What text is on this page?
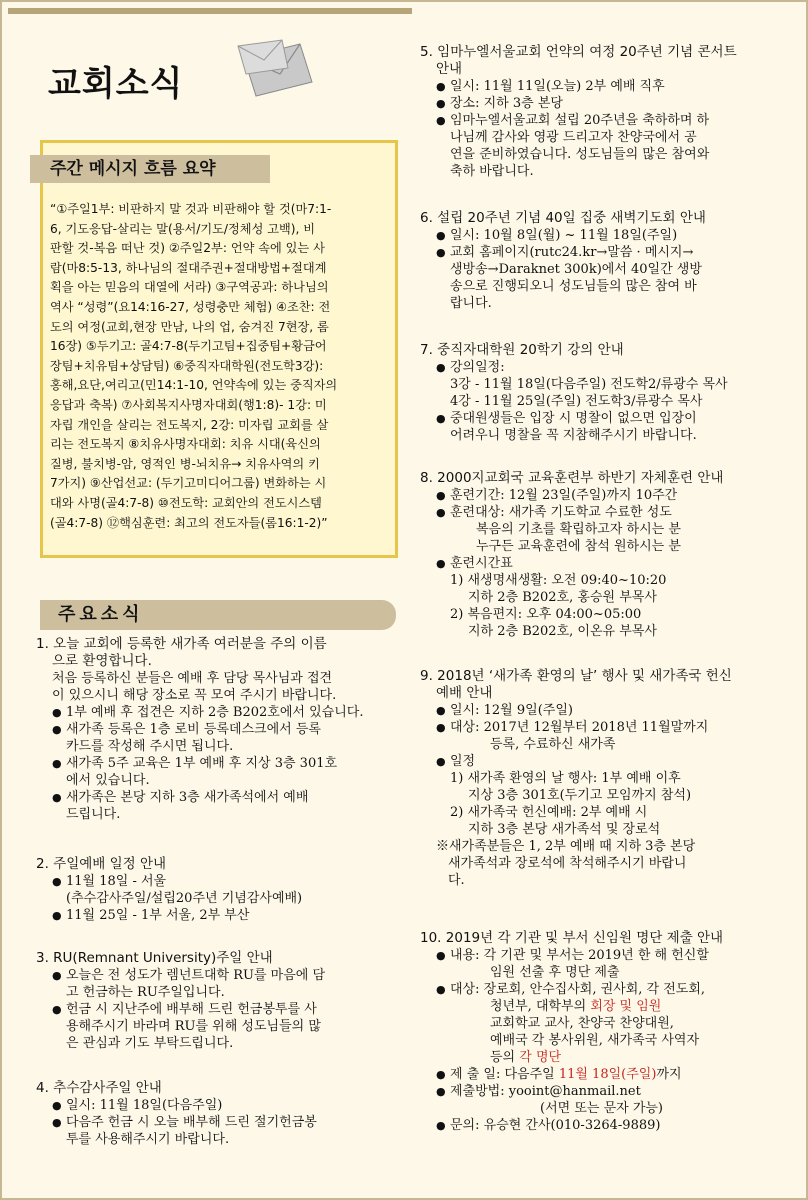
교회소식
주간 메시지 흐름 요약
“①주일1부: 비판하지 말 것과 비판해야 할 것(마7:1-
6, 기도응답-살리는 말(용서/기도/정체성 고백), 비
판할 것-복음 떠난 것) ②주일2부: 언약 속에 있는 사
람(마8:5-13, 하나님의 절대주권+절대방법+절대계
획을 아는 믿음의 대열에 서라) ③구역공과: 하나님의
역사 “성령”(요14:16-27, 성령충만 체험) ④조찬: 전
도의 여정(교회,현장 만남, 나의 업, 숨겨진 7현장, 롬
16장) ⑤두기고: 골4:7-8(두기고팀+집중팀+황금어
장팀+치유팀+상담팀) ⑥중직자대학원(전도학3강):
홍해,요단,여리고(민14:1-10, 언약속에 있는 중직자의
응답과 축복) ⑦사회복지사명자대회(행1:8)- 1강: 미
자립 개인을 살리는 전도복지, 2강: 미자립 교회를 살
리는 전도복지 ⑧치유사명자대회: 치유 시대(육신의
질병, 불치병-암, 영적인 병-뇌치유→ 치유사역의 키
7가지) ⑨산업선교: (두기고미디어그룹) 변화하는 시
대와 사명(골4:7-8) ⑩전도학: 교회안의 전도시스템
(골4:7-8) ⑫핵심훈련: 최고의 전도자들(롬16:1-2)”
주요소식
1. 오늘 교회에 등록한 새가족 여러분을 주의 이름
으로 환영합니다.
처음 등록하신 분들은 예배 후 담당 목사님과 접견
이 있으시니 해당 장소로 꼭 모여 주시기 바랍니다.
● 1부 예배 후 접견은 지하 2층 B202호에서 있습니다.
● 새가족 등록은 1층 로비 등록데스크에서 등록
카드를 작성해 주시면 됩니다.
● 새가족 5주 교육은 1부 예배 후 지상 3층 301호
에서 있습니다.
● 새가족은 본당 지하 3층 새가족석에서 예배
드립니다.
2. 주일예배 일정 안내
● 11월 18일 - 서울
(추수감사주일/설립20주년 기념감사예배)
● 11월 25일 - 1부 서울, 2부 부산
3. RU(Remnant University)주일 안내
● 오늘은 전 성도가 렘넌트대학 RU를 마음에 담
고 헌금하는 RU주일입니다.
● 헌금 시 지난주에 배부해 드린 헌금봉투를 사
용해주시기 바라며 RU를 위해 성도님들의 많
은 관심과 기도 부탁드립니다.
4. 추수감사주일 안내
● 일시: 11월 18일(다음주일)
● 다음주 헌금 시 오늘 배부해 드린 절기헌금봉
투를 사용해주시기 바랍니다.
5. 임마누엘서울교회 언약의 여정 20주년 기념 콘서트
안내
● 일시: 11월 11일(오늘) 2부 예배 직후
● 장소: 지하 3층 본당
● 임마누엘서울교회 설립 20주년을 축하하며 하
나님께 감사와 영광 드리고자 찬양국에서 공
연을 준비하였습니다. 성도님들의 많은 참여와
축하 바랍니다.
6. 설립 20주년 기념 40일 집중 새벽기도회 안내
● 일시: 10월 8일(월) ~ 11월 18일(주일)
● 교회 홈페이지(rutc24.kr→말씀 · 메시지→
생방송→Daraknet 300k)에서 40일간 생방
송으로 진행되오니 성도님들의 많은 참여 바
랍니다.
7. 중직자대학원 20학기 강의 안내
● 강의일정:
3강 - 11월 18일(다음주일) 전도학2/류광수 목사
4강 - 11월 25일(주일) 전도학3/류광수 목사
● 중대원생들은 입장 시 명찰이 없으면 입장이
어려우니 명찰을 꼭 지참해주시기 바랍니다.
8. 2000지교회국 교육훈련부 하반기 자체훈련 안내
● 훈련기간: 12월 23일(주일)까지 10주간
● 훈련대상: 새가족 기도학교 수료한 성도
복음의 기초를 확립하고자 하시는 분
누구든 교육훈련에 참석 원하시는 분
● 훈련시간표
1) 새생명새생활: 오전 09:40~10:20
지하 2층 B202호, 홍승원 부목사
2) 복음편지: 오후 04:00~05:00
지하 2층 B202호, 이온유 부목사
9. 2018년 ‘새가족 환영의 날’ 행사 및 새가족국 헌신
예배 안내
● 일시: 12월 9일(주일)
● 대상: 2017년 12월부터 2018년 11월말까지
등록, 수료하신 새가족
● 일정
1) 새가족 환영의 날 행사: 1부 예배 이후
지상 3층 301호(두기고 모임까지 참석)
2) 새가족국 헌신예배: 2부 예배 시
지하 3층 본당 새가족석 및 장로석
※새가족분들은 1, 2부 예배 때 지하 3층 본당
새가족석과 장로석에 착석해주시기 바랍니
다.
10. 2019년 각 기관 및 부서 신임원 명단 제출 안내
● 내용: 각 기관 및 부서는 2019년 한 해 헌신할
임원 선출 후 명단 제출
● 대상: 장로회, 안수집사회, 권사회, 각 전도회,
청년부, 대학부의 회장 및 임원
교회학교 교사, 찬양국 찬양대원,
예배국 각 봉사위원, 새가족국 사역자
등의 각 명단
● 제 출 일: 다음주일 11월 18일(주일)까지
● 제출방법: yooint@hanmail.net
(서면 또는 문자 가능)
● 문의: 유승현 간사(010-3264-9889)
